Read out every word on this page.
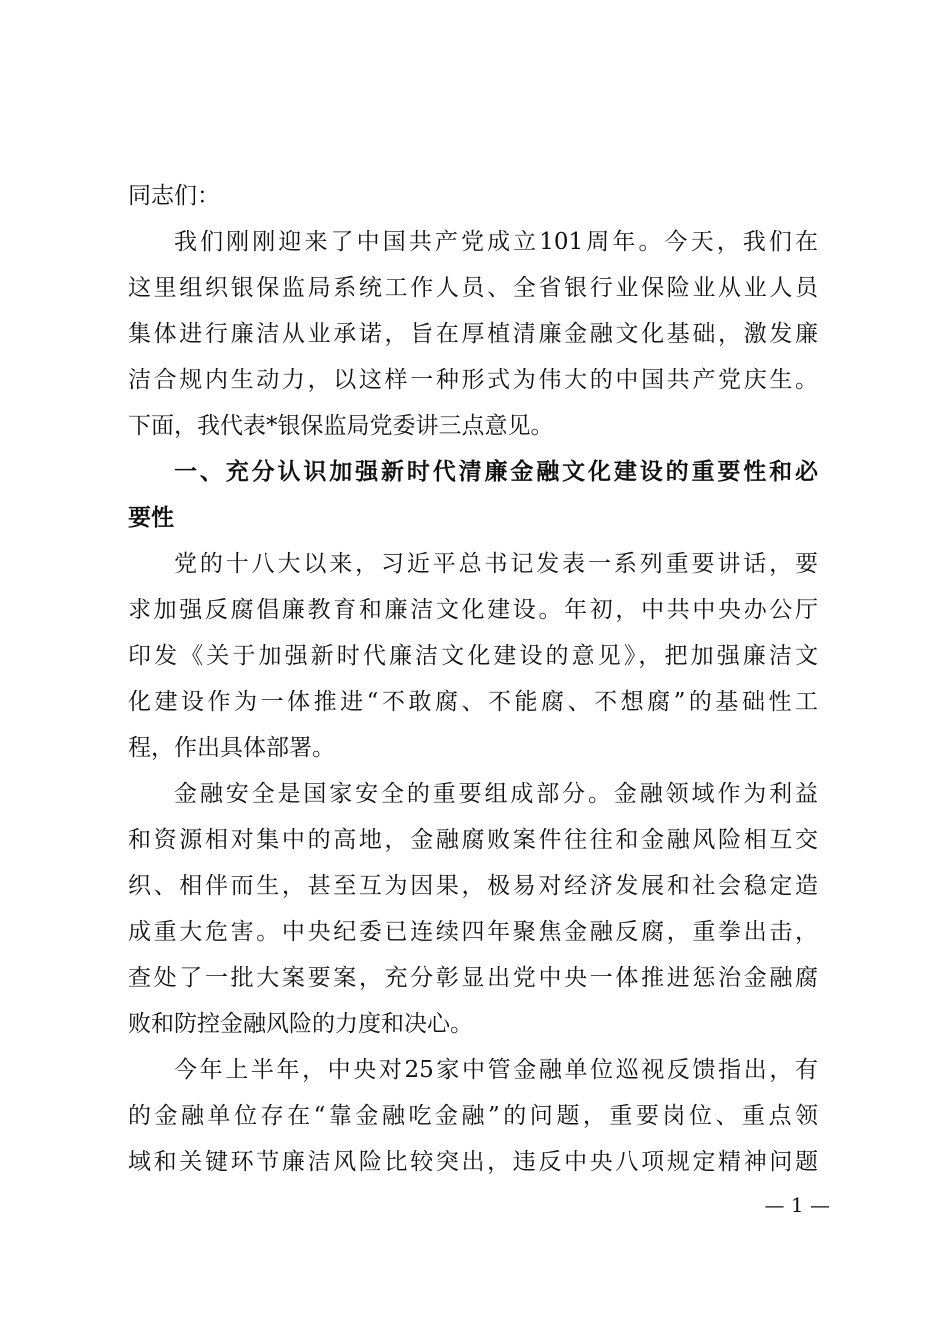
同志们：
我们刚刚迎来了中国共产党成立101周年。今天，我们在
这里组织银保监局系统工作人员、全省银行业保险业从业人员
集体进行廉洁从业承诺，旨在厚植清廉金融文化基础，激发廉
洁合规内生动力，以这样一种形式为伟大的中国共产党庆生。
下面，我代表*银保监局党委讲三点意见。
一、充分认识加强新时代清廉金融文化建设的重要性和必
要性
党的十八大以来，习近平总书记发表一系列重要讲话，要
求加强反腐倡廉教育和廉洁文化建设。年初，中共中央办公厅
印发《关于加强新时代廉洁文化建设的意见》，把加强廉洁文
化建设作为一体推进“不敢腐、不能腐、不想腐”的基础性工
程，作出具体部署。
金融安全是国家安全的重要组成部分。金融领域作为利益
和资源相对集中的高地，金融腐败案件往往和金融风险相互交
织、相伴而生，甚至互为因果，极易对经济发展和社会稳定造
成重大危害。中央纪委已连续四年聚焦金融反腐，重拳出击，
查处了一批大案要案，充分彰显出党中央一体推进惩治金融腐
败和防控金融风险的力度和决心。
今年上半年，中央对25家中管金融单位巡视反馈指出，有
的金融单位存在“靠金融吃金融”的问题，重要岗位、重点领
域和关键环节廉洁风险比较突出，违反中央八项规定精神问题
— 1 —
